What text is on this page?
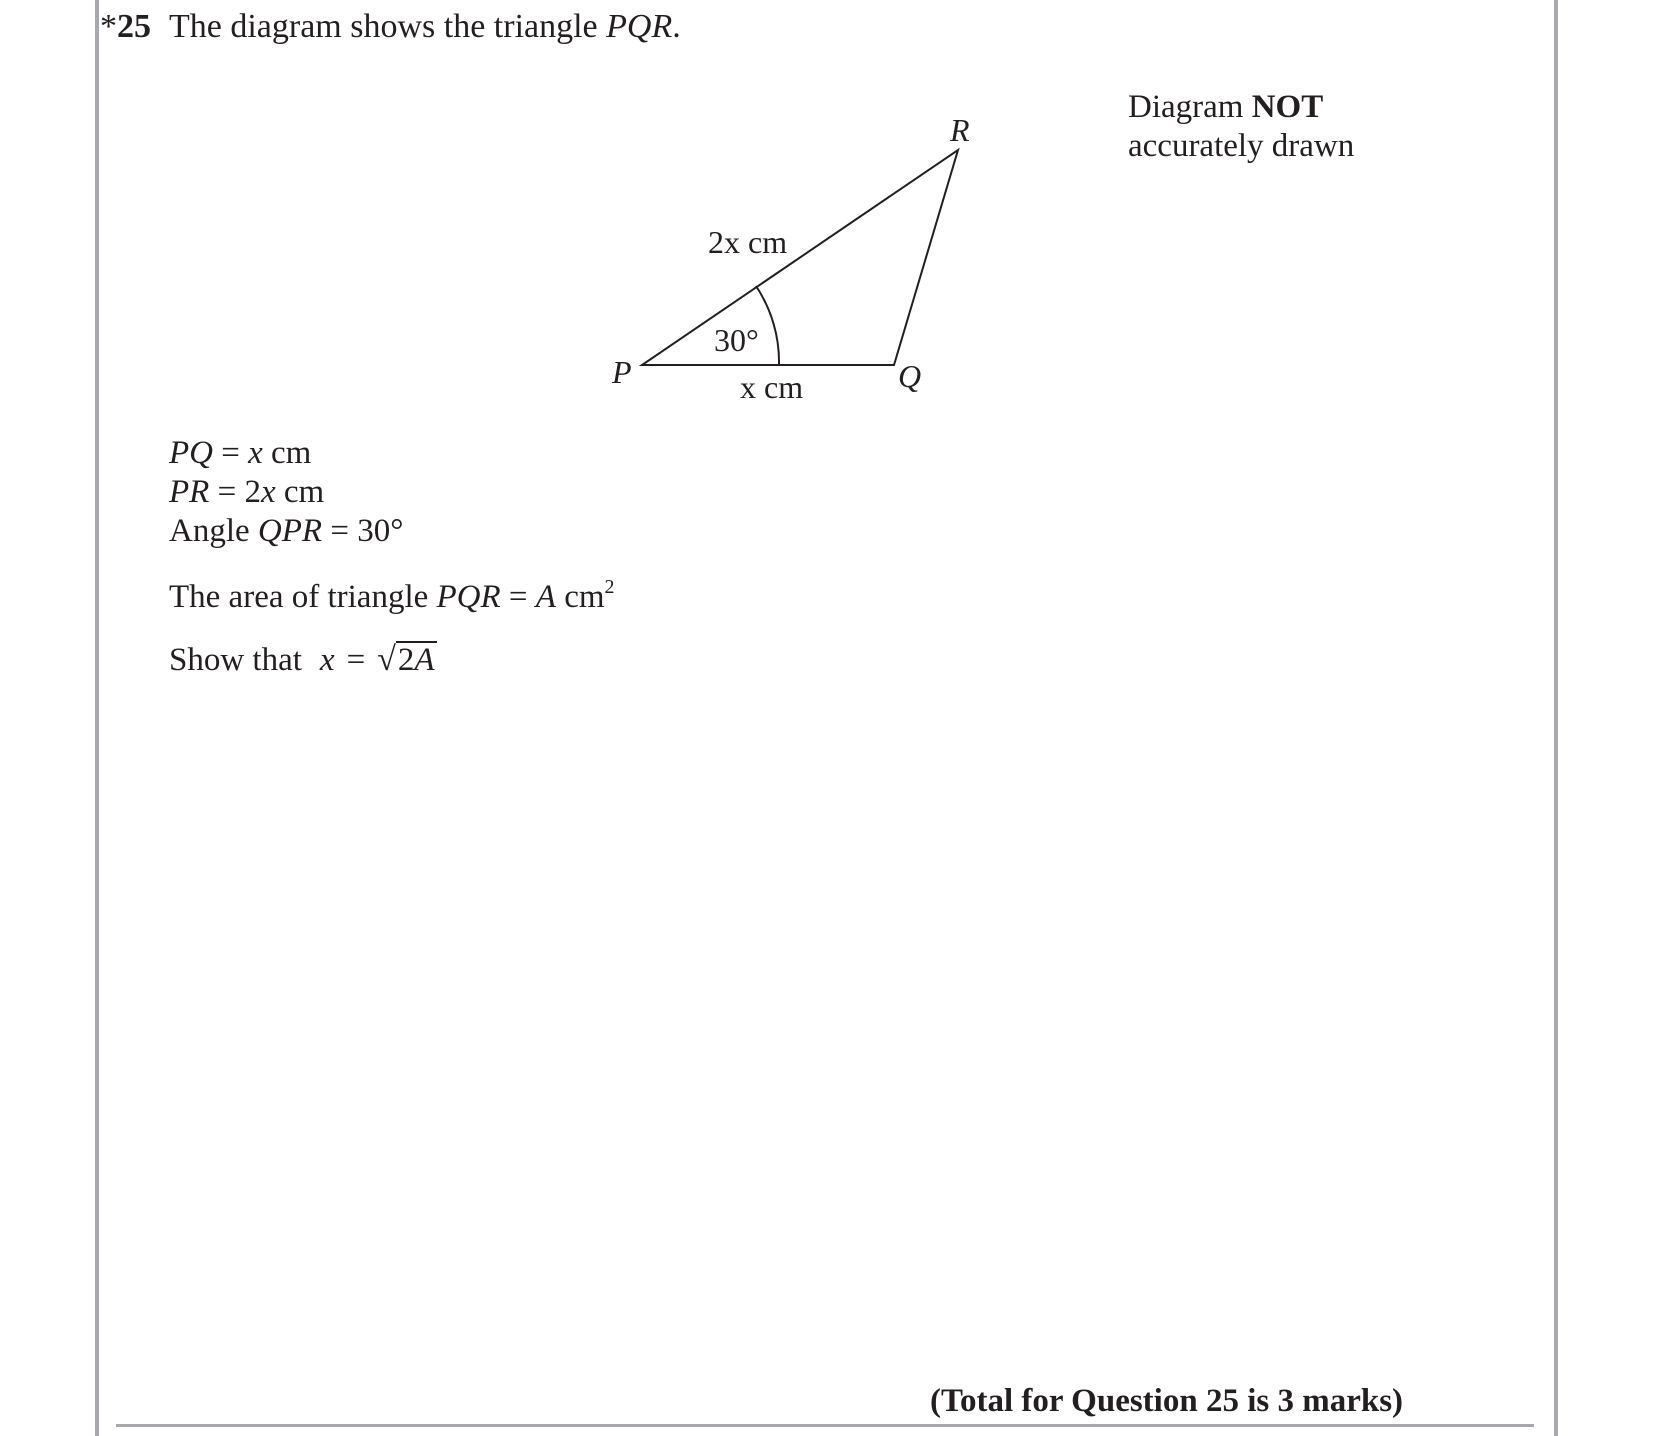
*25 The diagram shows the triangle PQR.
Diagram NOT
accurately drawn
R
P	Q
2x cm
30°
x cm
PQ = x cm
PR = 2x cm
Angle QPR = 30°
The area of triangle PQR = A $cm^2$
Show that x = √2A
(Total for Question 25 is 3 marks)
